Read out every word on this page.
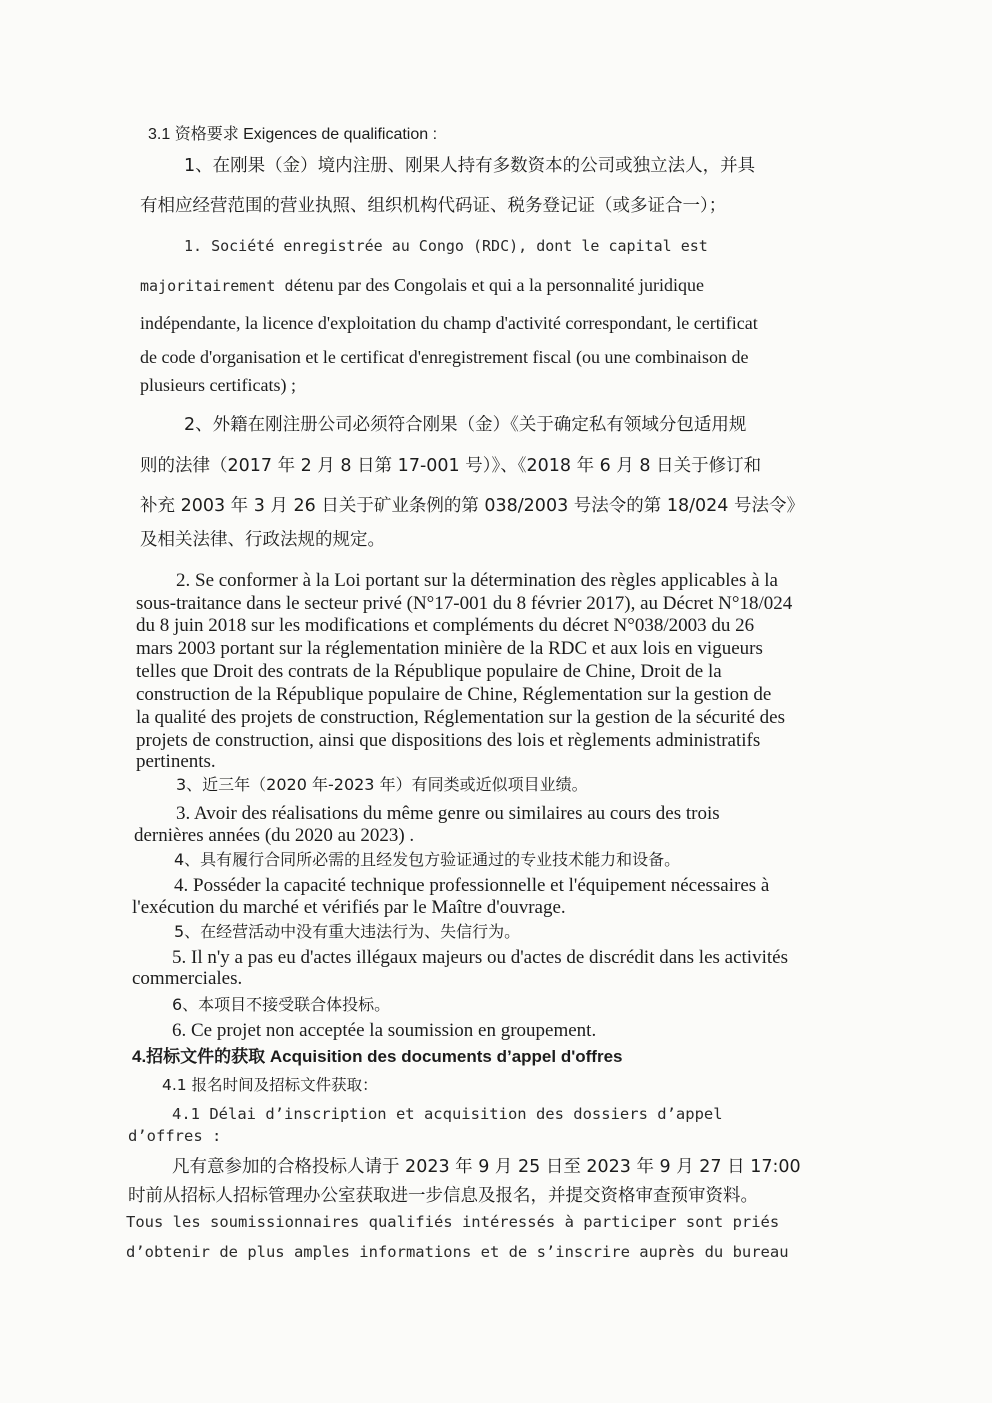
3.1 资格要求 Exigences de qualification :
1、在刚果（金）境内注册、刚果人持有多数资本的公司或独立法人，并具
有相应经营范围的营业执照、组织机构代码证、税务登记证（或多证合一）；
1. Société enregistrée au Congo (RDC), dont le capital est
majoritairement détenu par des Congolais et qui a la personnalité juridique
indépendante, la licence d'exploitation du champ d'activité correspondant, le certificat
de code d'organisation et le certificat d'enregistrement fiscal (ou une combinaison de
plusieurs certificats) ;
2、外籍在刚注册公司必须符合刚果（金）《关于确定私有领域分包适用规
则的法律（2017 年 2 月 8 日第 17-001 号）》、《2018 年 6 月 8 日关于修订和
补充 2003 年 3 月 26 日关于矿业条例的第 038/2003 号法令的第 18/024 号法令》
及相关法律、行政法规的规定。
2. Se conformer à la Loi portant sur la détermination des règles applicables à la
sous-traitance dans le secteur privé (N°17-001 du 8 février 2017), au Décret N°18/024
du 8 juin 2018 sur les modifications et compléments du décret N°038/2003 du 26
mars 2003 portant sur la réglementation minière de la RDC et aux lois en vigueurs
telles que Droit des contrats de la République populaire de Chine, Droit de la
construction de la République populaire de Chine, Réglementation sur la gestion de
la qualité des projets de construction, Réglementation sur la gestion de la sécurité des
projets de construction, ainsi que dispositions des lois et règlements administratifs
pertinents.
3、近三年（2020 年-2023 年）有同类或近似项目业绩。
3. Avoir des réalisations du même genre ou similaires au cours des trois
dernières années (du 2020 au 2023) .
4、具有履行合同所必需的且经发包方验证通过的专业技术能力和设备。
4. Posséder la capacité technique professionnelle et l'équipement nécessaires à
l'exécution du marché et vérifiés par le Maître d'ouvrage.
5、在经营活动中没有重大违法行为、失信行为。
5. Il n'y a pas eu d'actes illégaux majeurs ou d'actes de discrédit dans les activités
commerciales.
6、本项目不接受联合体投标。
6. Ce projet non acceptée la soumission en groupement.
4.招标文件的获取 Acquisition des documents d’appel d'offres
4.1 报名时间及招标文件获取：
4.1 Délai d’inscription et acquisition des dossiers d’appel
d’offres :
凡有意参加的合格投标人请于 2023 年 9 月 25 日至 2023 年 9 月 27 日 17:00
时前从招标人招标管理办公室获取进一步信息及报名，并提交资格审查预审资料。
Tous les soumissionnaires qualifiés intéressés à participer sont priés
d’obtenir de plus amples informations et de s’inscrire auprès du bureau
